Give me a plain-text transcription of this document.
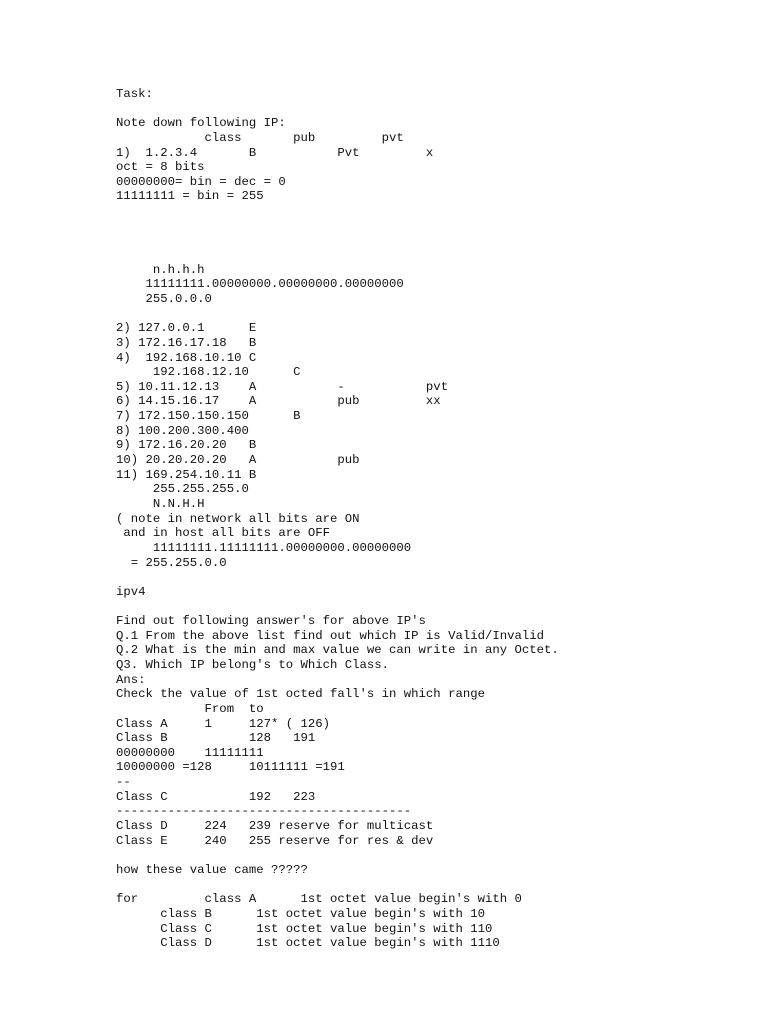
Task:
Note down following IP:
class       pub         pvt
1)  1.2.3.4       B           Pvt         x
oct = 8 bits
00000000= bin = dec = 0
11111111 = bin = 255
n.h.h.h
11111111.00000000.00000000.00000000
255.0.0.0
2) 127.0.0.1      E
3) 172.16.17.18   B
4)  192.168.10.10 C
192.168.12.10      C
5) 10.11.12.13    A           -           pvt
6) 14.15.16.17    A           pub         xx
7) 172.150.150.150      B
8) 100.200.300.400
9) 172.16.20.20   B
10) 20.20.20.20   A           pub
11) 169.254.10.11 B
255.255.255.0
N.N.H.H
( note in network all bits are ON
and in host all bits are OFF
11111111.11111111.00000000.00000000
= 255.255.0.0
ipv4
Find out following answer's for above IP's
Q.1 From the above list find out which IP is Valid/Invalid
Q.2 What is the min and max value we can write in any Octet.
Q3. Which IP belong's to Which Class.
Ans:
Check the value of 1st octed fall's in which range
From  to
Class A     1     127* ( 126)
Class B           128   191
00000000    11111111
10000000 =128     10111111 =191
--
Class C           192   223
----------------------------------------
Class D     224   239 reserve for multicast
Class E     240   255 reserve for res & dev
how these value came ?????
for         class A      1st octet value begin's with 0
class B      1st octet value begin's with 10
Class C      1st octet value begin's with 110
Class D      1st octet value begin's with 1110
